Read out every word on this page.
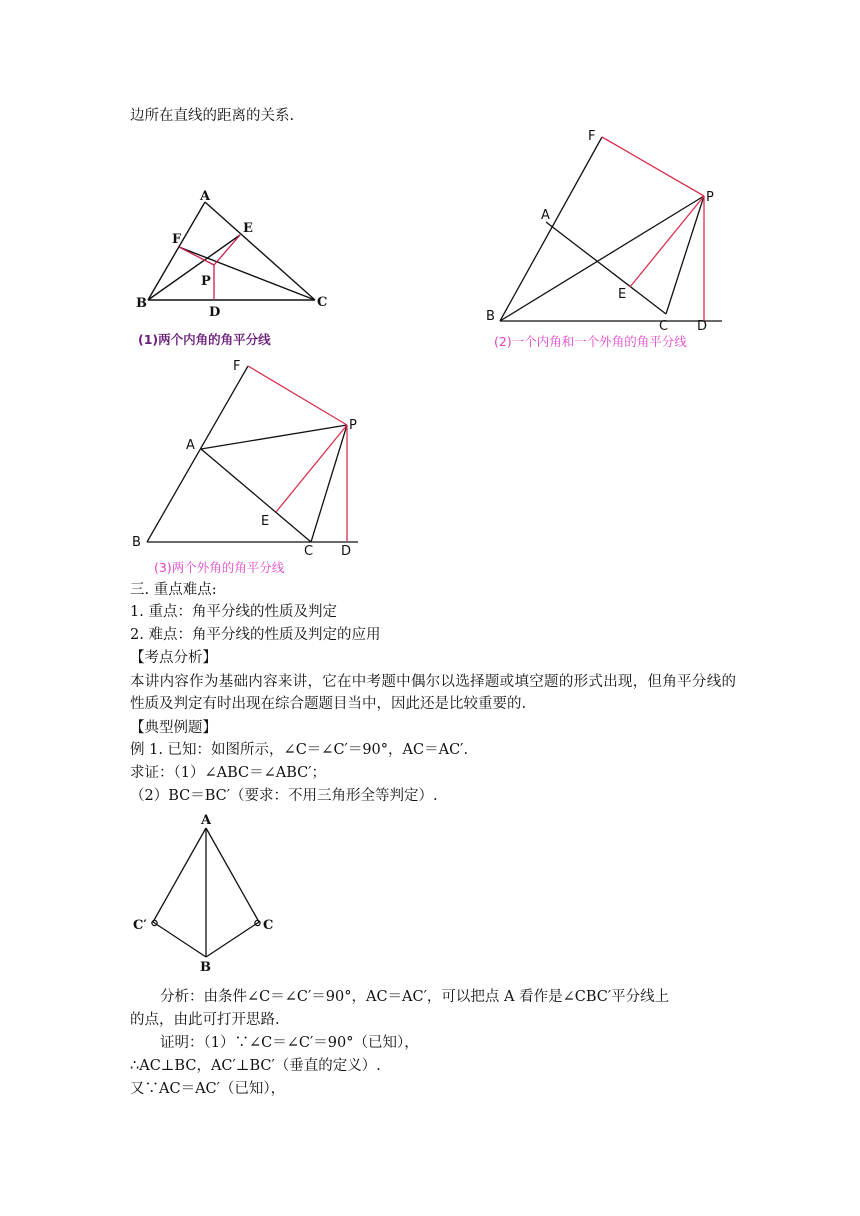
边所在直线的距离的关系.
A
E
F
P
B	C
D
(1)两个内角的角平分线
F
A
P
E
B
C D
(2)一个内角和一个外角的角平分线
F
A
P
E
B
C D
(3)两个外角的角平分线
三. 重点难点:
1. 重点：角平分线的性质及判定
2. 难点：角平分线的性质及判定的应用
【考点分析】
本讲内容作为基础内容来讲，它在中考题中偶尔以选择题或填空题的形式出现，但角平分线的性质及判定有时出现在综合题题目当中，因此还是比较重要的.
【典型例题】
例 1. 已知：如图所示，∠C＝∠C′＝90°，AC＝AC′.
求证：（1）∠ABC＝∠ABC′；
（2）BC＝BC′（要求：不用三角形全等判定）.
A
C′	C
B
分析：由条件∠C＝∠C′＝90°，AC＝AC′，可以把点 A 看作是∠CBC′平分线上
的点，由此可打开思路.
证明：（1）∵∠C＝∠C′＝90°（已知），
∴AC⊥BC，AC′⊥BC′（垂直的定义）.
又∵AC＝AC′（已知），
